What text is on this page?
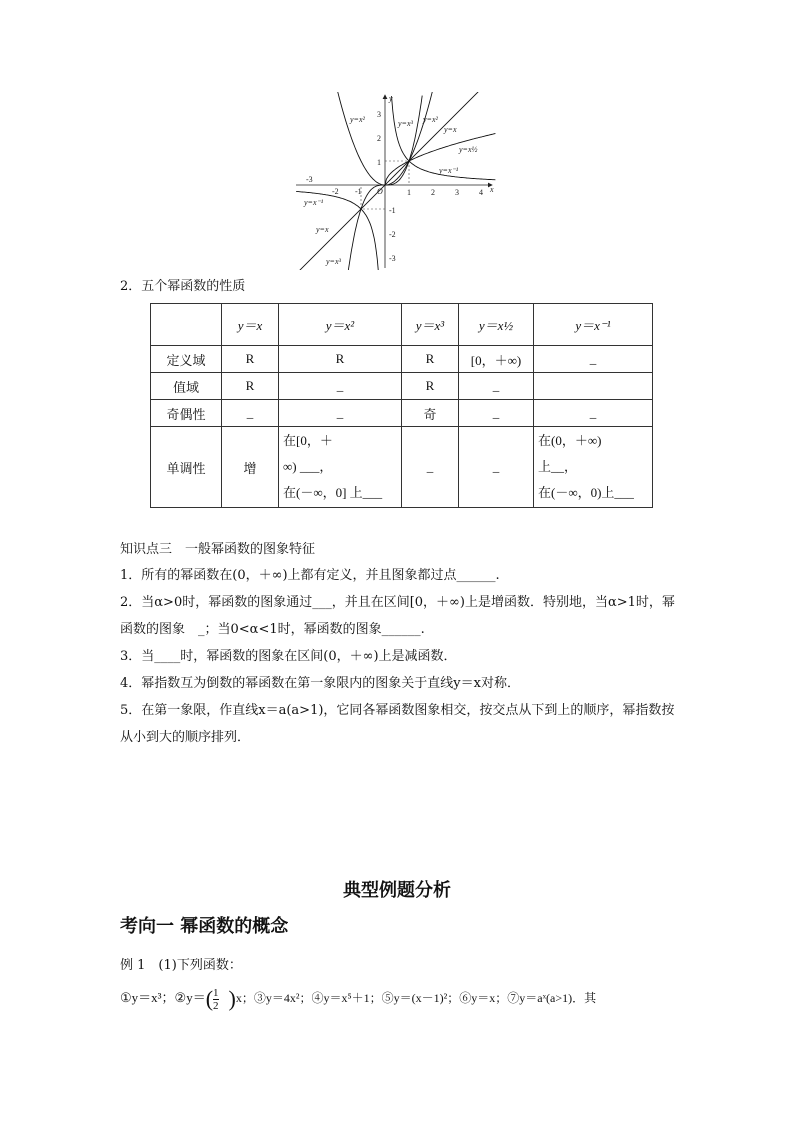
y
x
O
-3
-2 -1	1	2	3	4
3
2
1
-1
-2
-3
y=x²	y=x³ y=x²
y=x
y=x½
y=x⁻¹
y=x⁻¹
y=x
y=x³
2．五个幂函数的性质
	y＝x	y＝x²	y＝x³	y＝x½	y＝x⁻¹
定义域	R	R	R	[0，＋∞)	_
值域	R	_	R	_	
奇偶性	_	_	奇	_	_
单调性	增	在[0，＋
∞) ___，
在(－∞，0] 上___	_	_	在(0，＋∞)
上__，
在(－∞，0)上___
知识点三　一般幂函数的图象特征
1．所有的幂函数在(0，＋∞)上都有定义，并且图象都过点______.
2．当α>0时，幂函数的图象通过___，并且在区间[0，＋∞)上是增函数．特别地，当α>1时，幂函数的图象　_；当0<α<1时，幂函数的图象______.
3．当____时，幂函数的图象在区间(0，＋∞)上是减函数．
4．幂指数互为倒数的幂函数在第一象限内的图象关于直线y＝x对称．
5．在第一象限，作直线x＝a(a>1)，它同各幂函数图象相交，按交点从下到上的顺序，幂指数按从小到大的顺序排列．
典型例题分析
考向一 幂函数的概念
例 1　(1)下列函数：
①y＝x³；②y＝( $\frac{1}{2} )x$；③y＝4x²；④y＝x⁵＋1；⑤y＝(x－1)²；⑥y＝x；⑦y＝aˣ(a>1)．其
